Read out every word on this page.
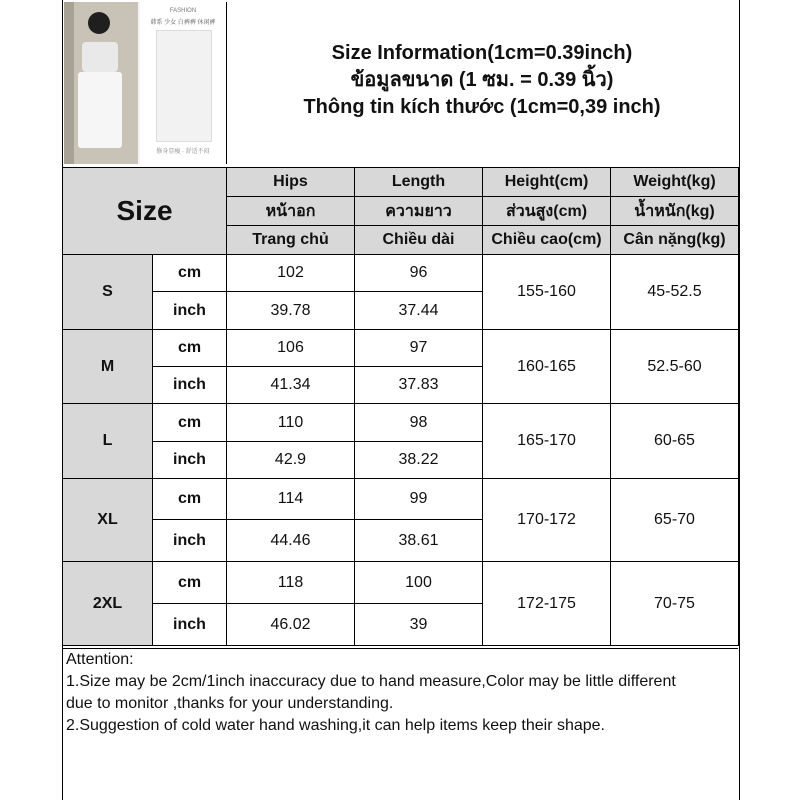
FASHION
韩系 少女 白裤裤 休闲裤
修身显瘦 · 舒适不闷
Size Information(1cm=0.39inch)
ข้อมูลขนาด (1 ซม. = 0.39 นิ้ว)
Thông tin kích thước (1cm=0,39 inch)
Size		Hips	Length	Height(cm)	Weight(kg)
		หน้าอก	ความยาว	ส่วนสูง(cm)	น้ำหนัก(kg)
		Trang chủ	Chiều dài	Chiều cao(cm)	Cân nặng(kg)
S	cm	102	96	155-160	45-52.5
	inch	39.78	37.44		
M	cm	106	97	160-165	52.5-60
	inch	41.34	37.83		
L	cm	110	98	165-170	60-65
	inch	42.9	38.22		
XL	cm	114	99	170-172	65-70
	inch	44.46	38.61		
2XL	cm	118	100	172-175	70-75
	inch	46.02	39		

Attention:

1.Size may be 2cm/1inch inaccuracy due to hand measure,Color may be little different

due to monitor ,thanks for your understanding.

2.Suggestion of cold water hand washing,it can help items keep their shape.
